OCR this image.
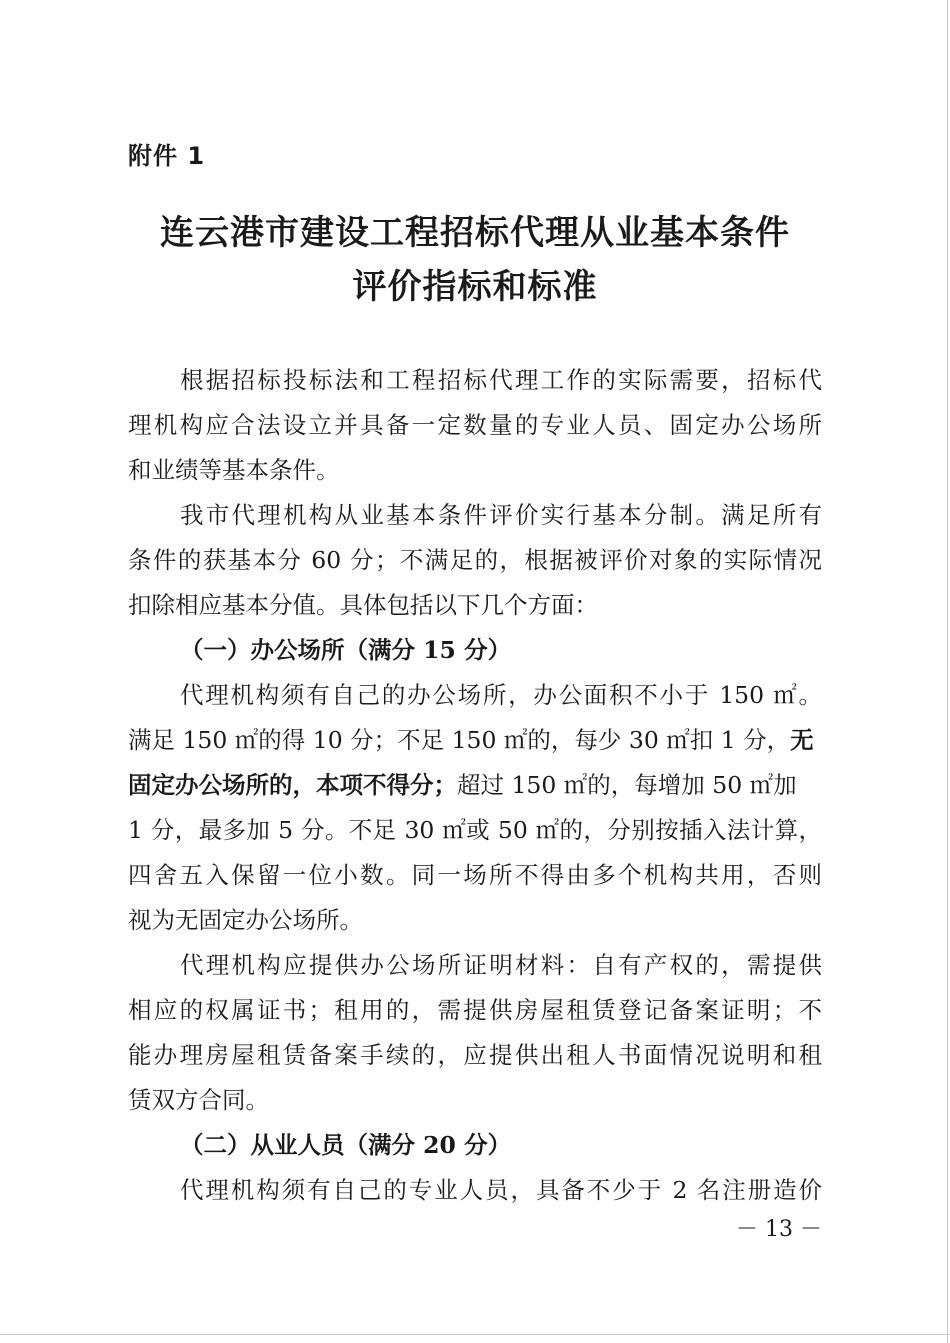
附件 1
连云港市建设工程招标代理从业基本条件
评价指标和标准
根据招标投标法和工程招标代理工作的实际需要，招标代
理机构应合法设立并具备一定数量的专业人员、固定办公场所
和业绩等基本条件。
我市代理机构从业基本条件评价实行基本分制。满足所有
条件的获基本分 60 分；不满足的，根据被评价对象的实际情况
扣除相应基本分值。具体包括以下几个方面：
（一）办公场所（满分 15 分）
代理机构须有自己的办公场所，办公面积不小于 150 ㎡。
满足 150 ㎡的得 10 分；不足 150 ㎡的，每少 30 ㎡扣 1 分，无
固定办公场所的，本项不得分；超过 150 ㎡的，每增加 50 ㎡加
1 分，最多加 5 分。不足 30 ㎡或 50 ㎡的，分别按插入法计算，
四舍五入保留一位小数。同一场所不得由多个机构共用，否则
视为无固定办公场所。
代理机构应提供办公场所证明材料：自有产权的，需提供
相应的权属证书；租用的，需提供房屋租赁登记备案证明；不
能办理房屋租赁备案手续的，应提供出租人书面情况说明和租
赁双方合同。
（二）从业人员（满分 20 分）
代理机构须有自己的专业人员，具备不少于 2 名注册造价
－ 13 －
